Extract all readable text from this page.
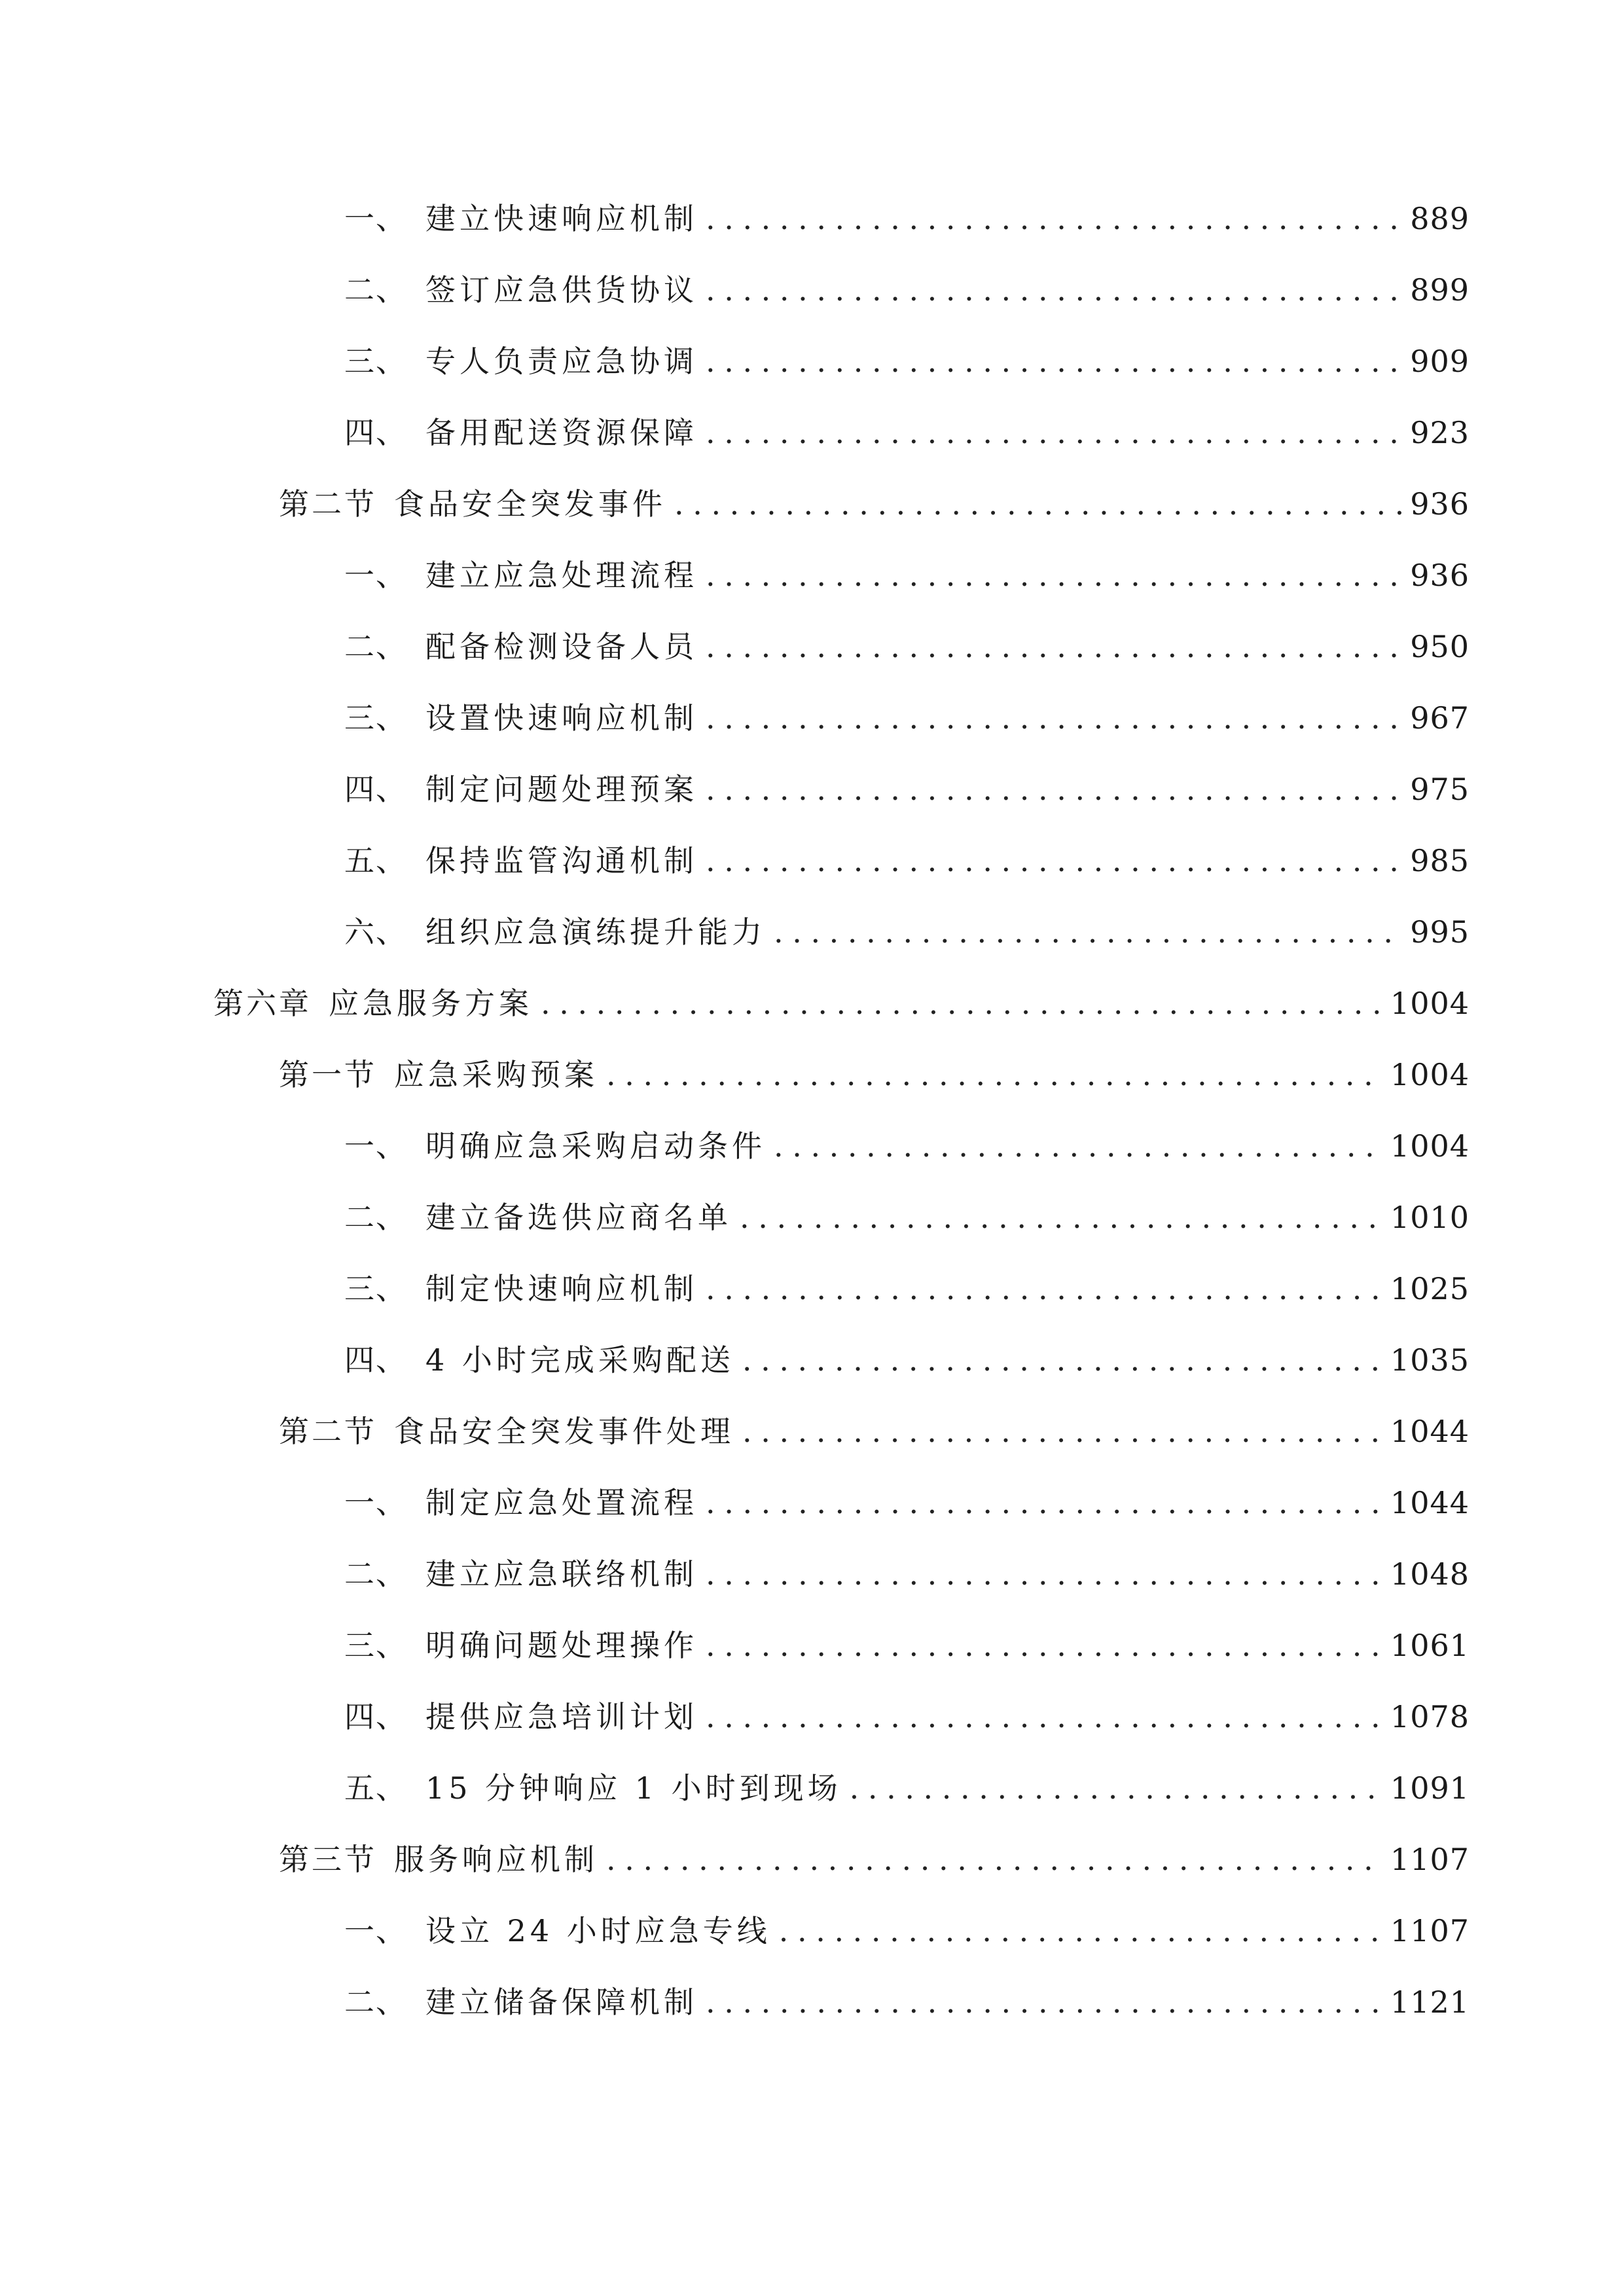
一、 建立快速响应机制 .....	889
二、 签订应急供货协议 .....	899
三、 专人负责应急协调 .....	909
四、 备用配送资源保障 .....	923
第二节 食品安全突发事件 .....	936
一、 建立应急处理流程 .....	936
二、 配备检测设备人员 .....	950
三、 设置快速响应机制 .....	967
四、 制定问题处理预案 .....	975
五、 保持监管沟通机制 .....	985
六、 组织应急演练提升能力 .....	995
第六章 应急服务方案 .....	1004
第一节 应急采购预案 .....	1004
一、 明确应急采购启动条件 .....	1004
二、 建立备选供应商名单 .....	1010
三、 制定快速响应机制 .....	1025
四、 4 小时完成采购配送 .....	1035
第二节 食品安全突发事件处理 .....	1044
一、 制定应急处置流程 .....	1044
二、 建立应急联络机制 .....	1048
三、 明确问题处理操作 .....	1061
四、 提供应急培训计划 .....	1078
五、 15 分钟响应 1 小时到现场 .....	1091
第三节 服务响应机制 .....	1107
一、 设立 24 小时应急专线 .....	1107
二、 建立储备保障机制 .....	1121
